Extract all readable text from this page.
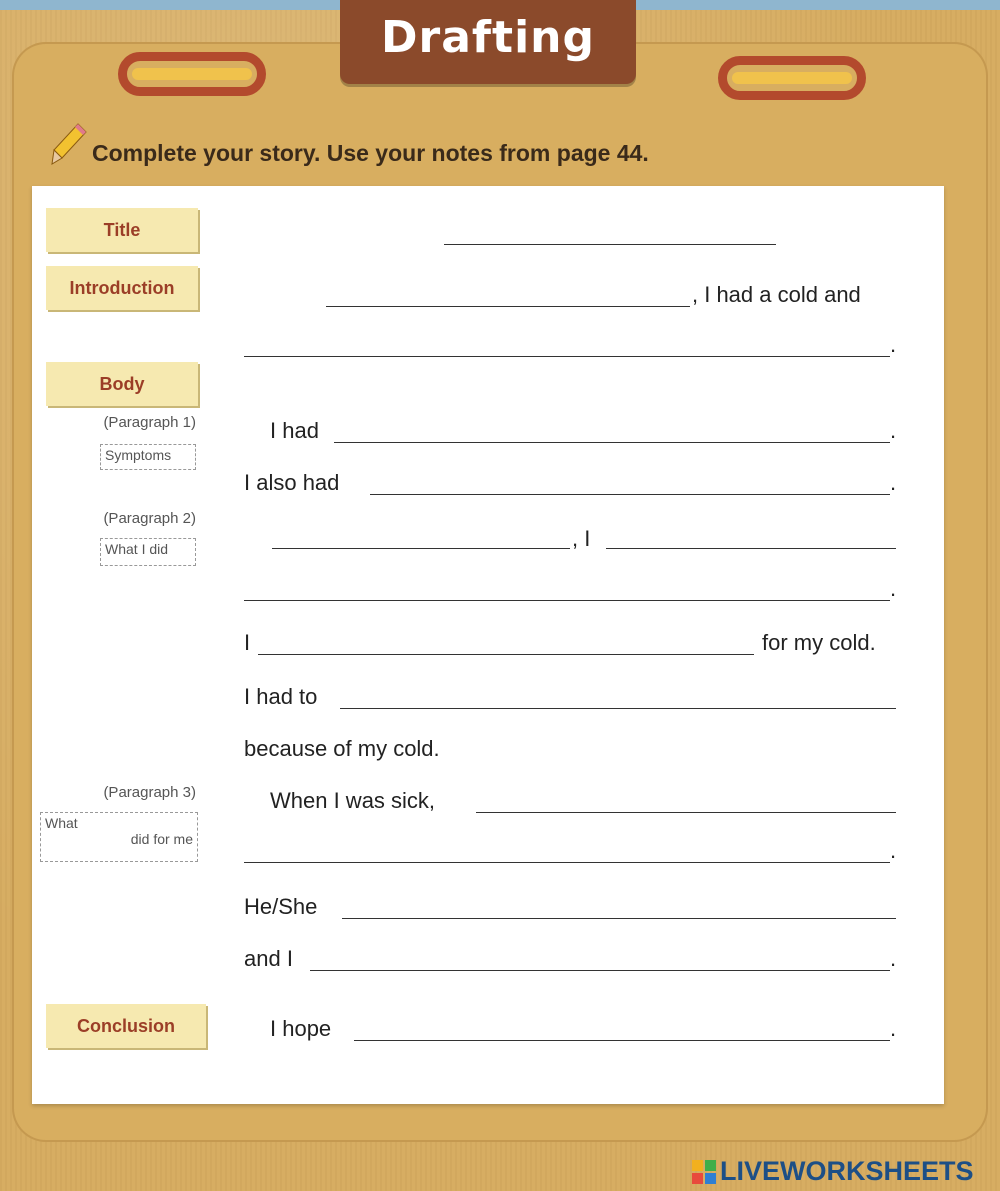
Drafting
Complete your story. Use your notes from page 44.
Title
Introduction
Body
Conclusion
(Paragraph 1)
Symptoms
(Paragraph 2)
What I did
(Paragraph 3)
What
did for me
, I had a cold and
.
I had	.
I also had	.
, I
.
I	for my cold.
I had to
because of my cold.
When I was sick,
.
He/She
and I	.
I hope	.
LIVEWORKSHEETS
